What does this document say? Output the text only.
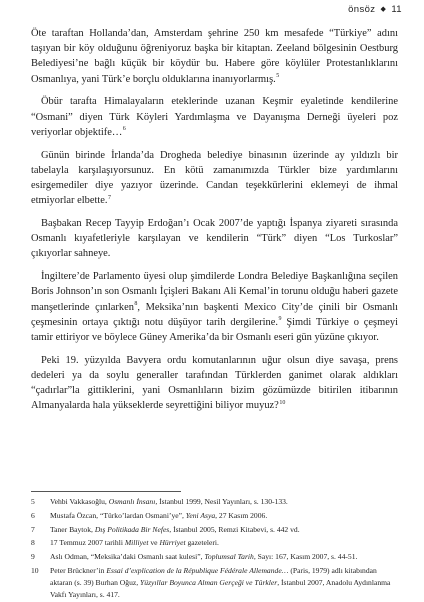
önsöz ◆ 11

Öte taraftan Hollanda’dan, Amsterdam şehrine 250 km mesafede “Türkiye” adını taşıyan bir köy olduğunu öğreniyoruz başka bir kitaptan. Zeeland bölgesinin Oestburg Belediyesi’ne bağlı küçük bir köydür bu. Habere göre köylüler Protestanlıklarını Osmanlıya, yani Türk’e borçlu olduklarına inanıyorlarmış.$^5$

Öbür tarafta Himalayaların eteklerinde uzanan Keşmir eyaletinde kendilerine “Osmani” diyen Türk Köyleri Yardımlaşma ve Dayanışma Derneği üyeleri poz veriyorlar objektife…$^6$

Günün birinde İrlanda’da Drogheda belediye binasının üzerinde ay yıldızlı bir tabelayla karşılaşıyorsunuz. En kötü zamanımızda Türkler bize yardımlarını esirgemediler diye yazıyor üzerinde. Candan teşekkürlerini eklemeyi de ihmal etmiyorlar elbette.$^7$

Başbakan Recep Tayyip Erdoğan’ı Ocak 2007’de yaptığı İspanya ziyareti sırasında Osmanlı kıyafetleriyle karşılayan ve kendilerin “Türk” diyen “Los Turkoslar” çıkıyorlar sahneye.

İngiltere’de Parlamento üyesi olup şimdilerde Londra Belediye Başkanlığına seçilen Boris Johnson’ın son Osmanlı İçişleri Bakanı Ali Kemal’in torunu olduğu haberi gazete manşetlerinde çınlarken$^8$, Meksika’nın başkenti Mexico City’de çinili bir Osmanlı çeşmesinin ortaya çıktığı notu düşüyor tarih dergilerine.$^9$ Şimdi Türkiye o çeşmeyi tamir ettiriyor ve böylece Güney Amerika’da bir Osmanlı eseri gün yüzüne çıkıyor.

Peki 19. yüzyılda Bavyera ordu komutanlarının uğur olsun diye savaşa, prens dedeleri ya da soylu generaller tarafından Türklerden ganimet olarak aldıkları “çadırlar”la gittiklerini, yani Osmanlıların bizim gözümüzde bitirilen itibarının Almanyalarda hala yükseklerde seyrettiğini biliyor muyuz?$^{10}$

5 Vehbi Vakkasoğlu, Osmanlı İnsanı, İstanbul 1999, Nesil Yayınları, s. 130-133.
6 Mustafa Özcan, “Türko’lardan Osmani’ye”, Yeni Asya, 27 Kasım 2006.
7 Taner Baytok, Dış Politikada Bir Nefes, İstanbul 2005, Remzi Kitabevi, s. 442 vd.
8 17 Temmuz 2007 tarihli Milliyet ve Hürriyet gazeteleri.
9 Aslı Odman, “Meksika’daki Osmanlı saat kulesi”, Toplumsal Tarih, Sayı: 167, Kasım 2007, s. 44-51.
10 Peter Brückner’in Essai d’explication de la République Fédérale Allemande… (Paris, 1979) adlı kitabından aktaran (s. 39) Burhan Oğuz, Yüzyıllar Boyunca Alman Gerçeği ve Türkler, İstanbul 2007, Anadolu Aydınlanma Vakfı Yayınları, s. 417.
